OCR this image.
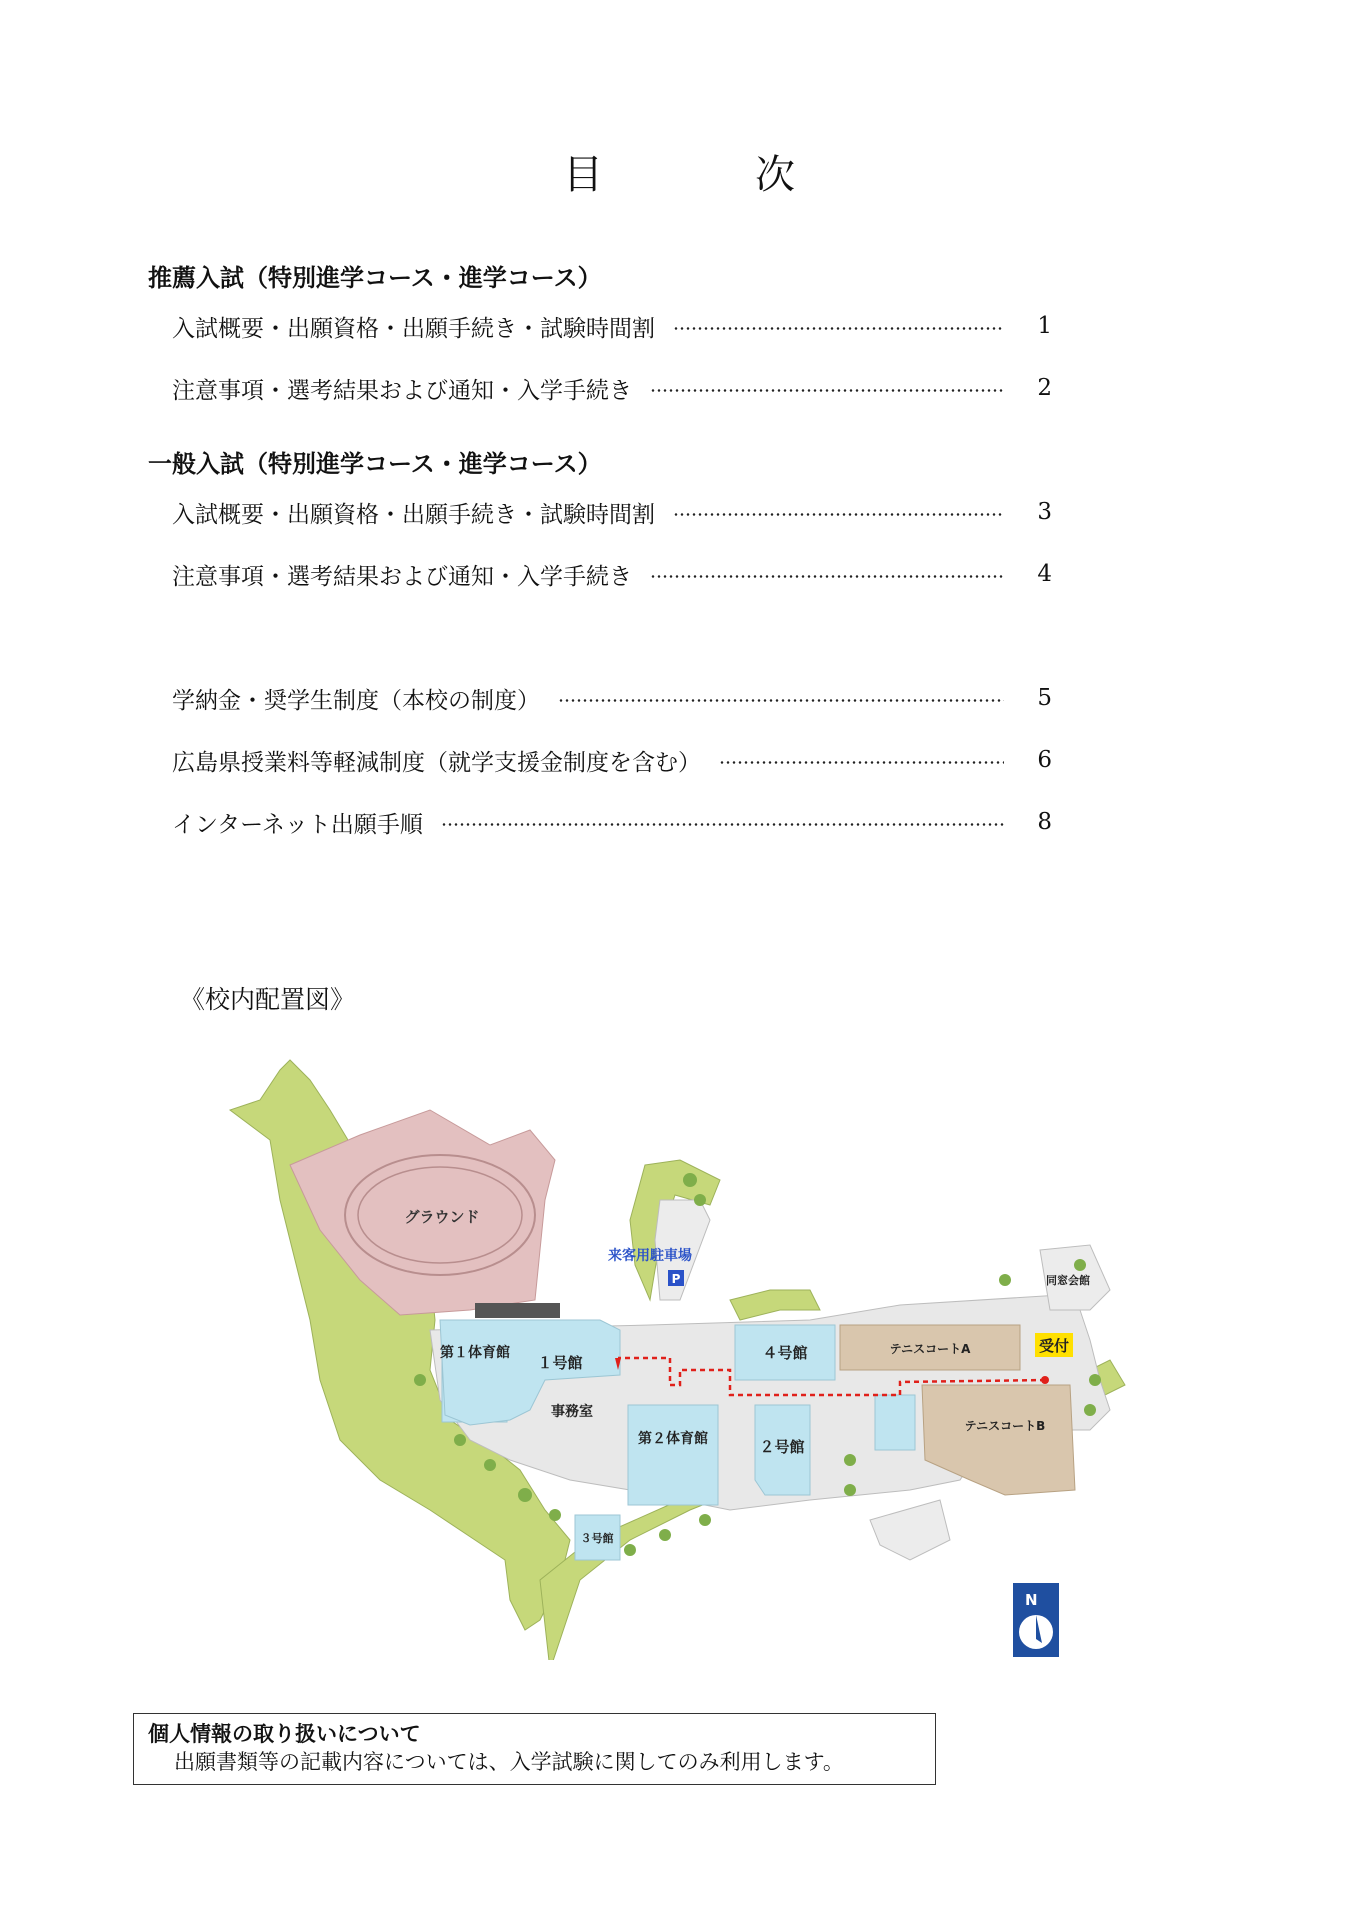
目　次
推薦入試（特別進学コース・進学コース）
入試概要・出願資格・出願手続き・試験時間割	1
注意事項・選考結果および通知・入学手続き	2
一般入試（特別進学コース・進学コース）
入試概要・出願資格・出願手続き・試験時間割	3
注意事項・選考結果および通知・入学手続き	4
学納金・奨学生制度（本校の制度）	5
広島県授業料等軽減制度（就学支援金制度を含む）	6
インターネット出願手順	8
《校内配置図》
グラウンド
第１体育館
１号館
事務室
４号館
第２体育館	２号館
３号館
テニスコートA
テニスコートB
同窓会館
来客用駐車場
P
受付
N
個人情報の取り扱いについて
出願書類等の記載内容については、入学試験に関してのみ利用します。
